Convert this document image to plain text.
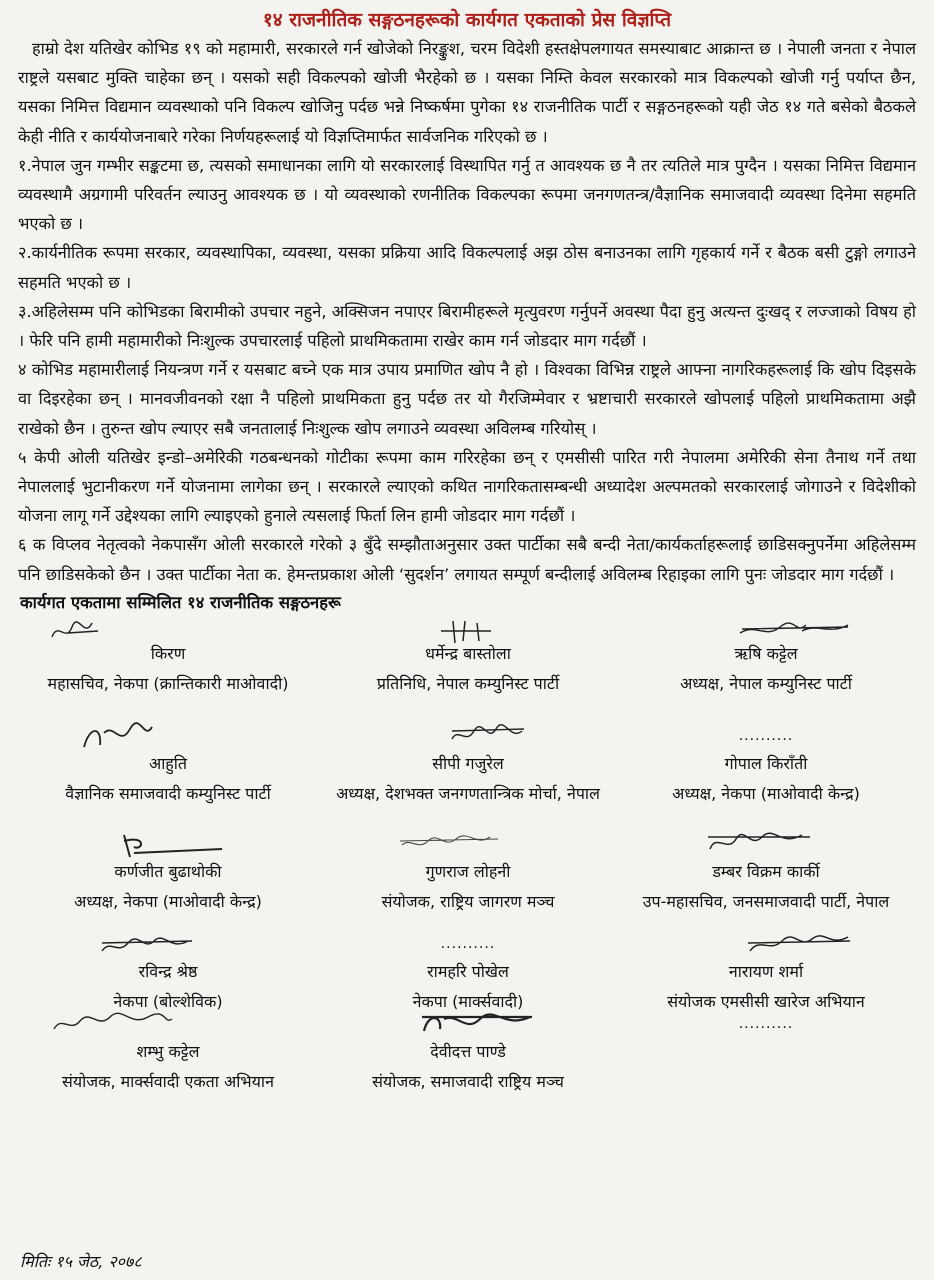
१४ राजनीतिक सङ्गठनहरूको कार्यगत एकताको प्रेस विज्ञप्ति

हाम्रो देश यतिखेर कोभिड १९ को महामारी, सरकारले गर्न खोजेको निरङ्कुश, चरम विदेशी हस्तक्षेपलगायत समस्याबाट आक्रान्त छ । नेपाली जनता र नेपाल राष्ट्रले यसबाट मुक्ति चाहेका छन् । यसको सही विकल्पको खोजी भैरहेको छ । यसका निम्ति केवल सरकारको मात्र विकल्पको खोजी गर्नु पर्याप्त छैन, यसका निमित्त विद्यमान व्यवस्थाको पनि विकल्प खोजिनु पर्दछ भन्ने निष्कर्षमा पुगेका १४ राजनीतिक पार्टी र सङ्गठनहरूको यही जेठ १४ गते बसेको बैठकले केही नीति र कार्ययोजनाबारे गरेका निर्णयहरूलाई यो विज्ञप्तिमार्फत सार्वजनिक गरिएको छ ।

१.नेपाल जुन गम्भीर सङ्कटमा छ, त्यसको समाधानका लागि यो सरकारलाई विस्थापित गर्नु त आवश्यक छ नै तर त्यतिले मात्र पुग्दैन । यसका निमित्त विद्यमान व्यवस्थामै अग्रगामी परिवर्तन ल्याउनु आवश्यक छ । यो व्यवस्थाको रणनीतिक विकल्पका रूपमा जनगणतन्त्र/वैज्ञानिक समाजवादी व्यवस्था दिनेमा सहमति भएको छ ।

२.कार्यनीतिक रूपमा सरकार, व्यवस्थापिका, व्यवस्था, यसका प्रक्रिया आदि विकल्पलाई अझ ठोस बनाउनका लागि गृहकार्य गर्ने र बैठक बसी टुङ्गो लगाउने सहमति भएको छ ।

३.अहिलेसम्म पनि कोभिडका बिरामीको उपचार नहुने, अक्सिजन नपाएर बिरामीहरूले मृत्युवरण गर्नुपर्ने अवस्था पैदा हुनु अत्यन्त दुःखद् र लज्जाको विषय हो । फेरि पनि हामी महामारीको निःशुल्क उपचारलाई पहिलो प्राथमिकतामा राखेर काम गर्न जोडदार माग गर्दछौं ।

४ कोभिड महामारीलाई नियन्त्रण गर्ने र यसबाट बच्ने एक मात्र उपाय प्रमाणित खोप नै हो । विश्वका विभिन्न राष्ट्रले आफ्ना नागरिकहरूलाई कि खोप दिइसके वा दिइरहेका छन् । मानवजीवनको रक्षा नै पहिलो प्राथमिकता हुनु पर्दछ तर यो गैरजिम्मेवार र भ्रष्टाचारी सरकारले खोपलाई पहिलो प्राथमिकतामा अझै राखेको छैन । तुरुन्त खोप ल्याएर सबै जनतालाई निःशुल्क खोप लगाउने व्यवस्था अविलम्ब गरियोस् ।

५ केपी ओली यतिखेर इन्डो–अमेरिकी गठबन्धनको गोटीका रूपमा काम गरिरहेका छन् र एमसीसी पारित गरी नेपालमा अमेरिकी सेना तैनाथ गर्ने तथा नेपाललाई भुटानीकरण गर्ने योजनामा लागेका छन् । सरकारले ल्याएको कथित नागरिकतासम्बन्धी अध्यादेश अल्पमतको सरकारलाई जोगाउने र विदेशीको योजना लागू गर्ने उद्देश्यका लागि ल्याइएको हुनाले त्यसलाई फिर्ता लिन हामी जोडदार माग गर्दछौं ।

६ क विप्लव नेतृत्वको नेकपासँग ओली सरकारले गरेको ३ बुँदे सम्झौताअनुसार उक्त पार्टीका सबै बन्दी नेता/कार्यकर्ताहरूलाई छाडिसक्नुपर्नेमा अहिलेसम्म पनि छाडिसकेको छैन । उक्त पार्टीका नेता क. हेमन्तप्रकाश ओली ‘सुदर्शन’ लगायत सम्पूर्ण बन्दीलाई अविलम्ब रिहाइका लागि पुनः जोडदार माग गर्दछौं ।

कार्यगत एकतामा सम्मिलित १४ राजनीतिक सङ्गठनहरू
किरण
महासचिव, नेकपा (क्रान्तिकारी माओवादी)
धर्मेन्द्र बास्तोला
प्रतिनिधि, नेपाल कम्युनिस्ट पार्टी
ऋषि कट्टेल
अध्यक्ष, नेपाल कम्युनिस्ट पार्टी
आहुति
वैज्ञानिक समाजवादी कम्युनिस्ट पार्टी
सीपी गजुरेल
अध्यक्ष, देशभक्त जनगणतान्त्रिक मोर्चा, नेपाल
..........
गोपाल किराँती
अध्यक्ष, नेकपा (माओवादी केन्द्र)
कर्णजीत बुढाथोकी
अध्यक्ष, नेकपा (माओवादी केन्द्र)
गुणराज लोहनी
संयोजक, राष्ट्रिय जागरण मञ्च
डम्बर विक्रम कार्की
उप-महासचिव, जनसमाजवादी पार्टी, नेपाल
रविन्द्र श्रेष्ठ
नेकपा (बोल्शेविक)
..........
रामहरि पोखेल
नेकपा (मार्क्सवादी)
नारायण शर्मा
संयोजक एमसीसी खारेज अभियान
शम्भु कट्टेल
संयोजक, मार्क्सवादी एकता अभियान
देवीदत्त पाण्डे
संयोजक, समाजवादी राष्ट्रिय मञ्च
..........
मितिः १५ जेठ, २०७८
